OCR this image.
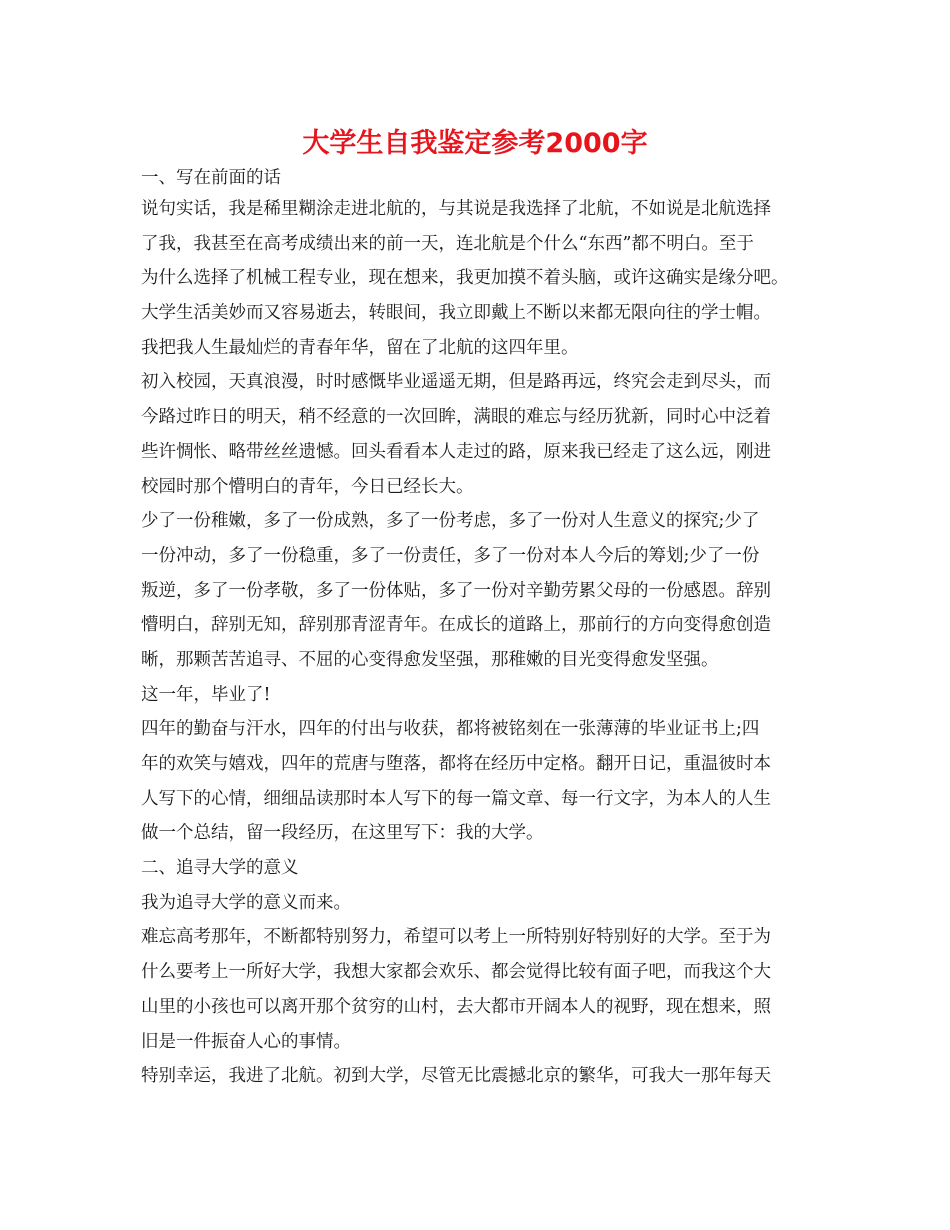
大学生自我鉴定参考2000字
一、写在前面的话
说句实话，我是稀里糊涂走进北航的，与其说是我选择了北航，不如说是北航选择
了我，我甚至在高考成绩出来的前一天，连北航是个什么“东西”都不明白。至于
为什么选择了机械工程专业，现在想来，我更加摸不着头脑，或许这确实是缘分吧。
大学生活美妙而又容易逝去，转眼间，我立即戴上不断以来都无限向往的学士帽。
我把我人生最灿烂的青春年华，留在了北航的这四年里。
初入校园，天真浪漫，时时感慨毕业遥遥无期，但是路再远，终究会走到尽头，而
今路过昨日的明天，稍不经意的一次回眸，满眼的难忘与经历犹新，同时心中泛着
些许惆怅、略带丝丝遗憾。回头看看本人走过的路，原来我已经走了这么远，刚进
校园时那个懵明白的青年，今日已经长大。
少了一份稚嫩，多了一份成熟，多了一份考虑，多了一份对人生意义的探究;少了
一份冲动，多了一份稳重，多了一份责任，多了一份对本人今后的筹划;少了一份
叛逆，多了一份孝敬，多了一份体贴，多了一份对辛勤劳累父母的一份感恩。辞别
懵明白，辞别无知，辞别那青涩青年。在成长的道路上，那前行的方向变得愈创造
晰，那颗苦苦追寻、不屈的心变得愈发坚强，那稚嫩的目光变得愈发坚强。
这一年，毕业了!
四年的勤奋与汗水，四年的付出与收获，都将被铭刻在一张薄薄的毕业证书上;四
年的欢笑与嬉戏，四年的荒唐与堕落，都将在经历中定格。翻开日记，重温彼时本
人写下的心情，细细品读那时本人写下的每一篇文章、每一行文字，为本人的人生
做一个总结，留一段经历，在这里写下：我的大学。
二、追寻大学的意义
我为追寻大学的意义而来。
难忘高考那年，不断都特别努力，希望可以考上一所特别好特别好的大学。至于为
什么要考上一所好大学，我想大家都会欢乐、都会觉得比较有面子吧，而我这个大
山里的小孩也可以离开那个贫穷的山村，去大都市开阔本人的视野，现在想来，照
旧是一件振奋人心的事情。
特别幸运，我进了北航。初到大学，尽管无比震撼北京的繁华，可我大一那年每天
